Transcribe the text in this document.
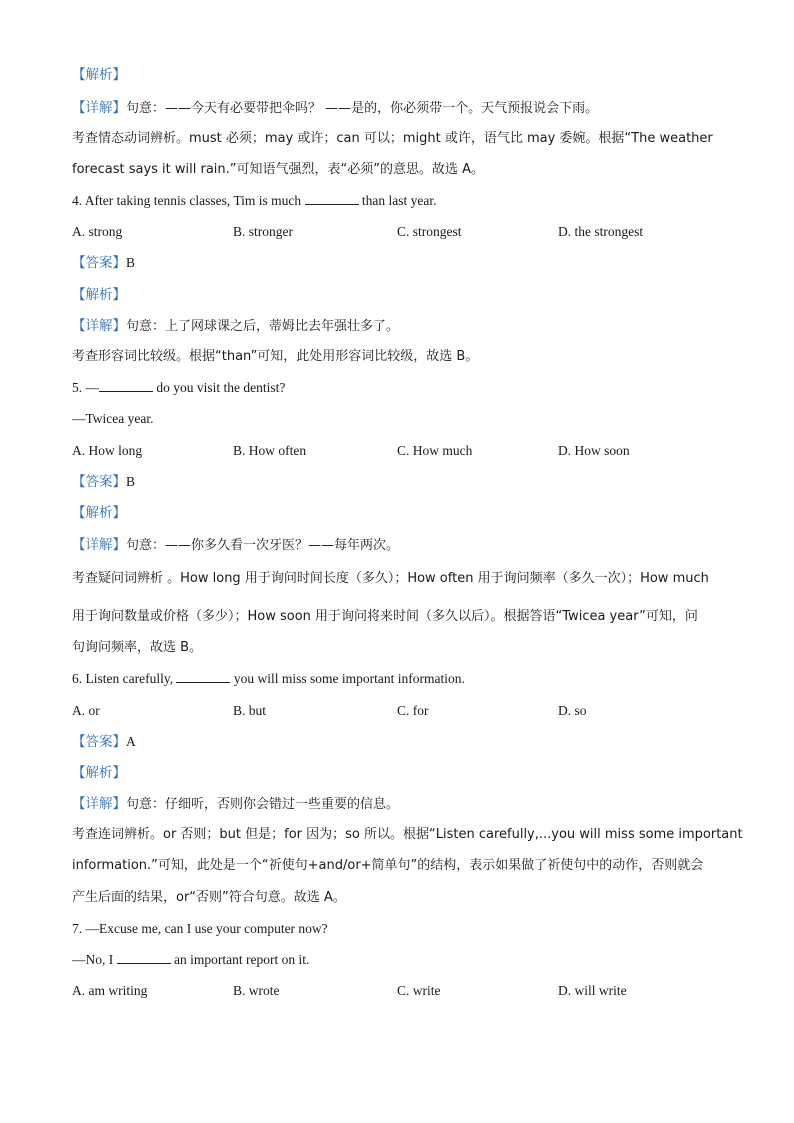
【解析】
【详解】句意：——今天有必要带把伞吗？ ——是的，你必须带一个。天气预报说会下雨。
考查情态动词辨析。must 必须；may 或许；can 可以；might 或许，语气比 may 委婉。根据“The weather
forecast says it will rain.”可知语气强烈，表“必须”的意思。故选 A。
4. After taking tennis classes, Tim is much	than last year.
A. strong	B. stronger	C. strongest	D. the strongest
【答案】B
【解析】
【详解】句意：上了网球课之后，蒂姆比去年强壮多了。
考查形容词比较级。根据“than”可知，此处用形容词比较级，故选 B。
5. —	do you visit the dentist?
—Twicea year.
A. How long	B. How often	C. How much	D. How soon
【答案】B
【解析】
【详解】句意：——你多久看一次牙医？——每年两次。
考查疑问词辨析 。How long 用于询问时间长度（多久）；How often 用于询问频率（多久一次）；How much
用于询问数量或价格（多少）；How soon 用于询问将来时间（多久以后）。根据答语“Twicea year”可知，问
句询问频率，故选 B。
6. Listen carefully,	you will miss some important information.
A. or	B. but	C. for	D. so
【答案】A
【解析】
【详解】句意：仔细听，否则你会错过一些重要的信息。
考查连词辨析。or 否则；but 但是；for 因为；so 所以。根据“Listen carefully,...you will miss some important
information.”可知，此处是一个“祈使句+and/or+简单句”的结构，表示如果做了祈使句中的动作，否则就会
产生后面的结果，or“否则”符合句意。故选 A。
7. —Excuse me, can I use your computer now?
—No, I	an important report on it.
A. am writing	B. wrote	C. write	D. will write
